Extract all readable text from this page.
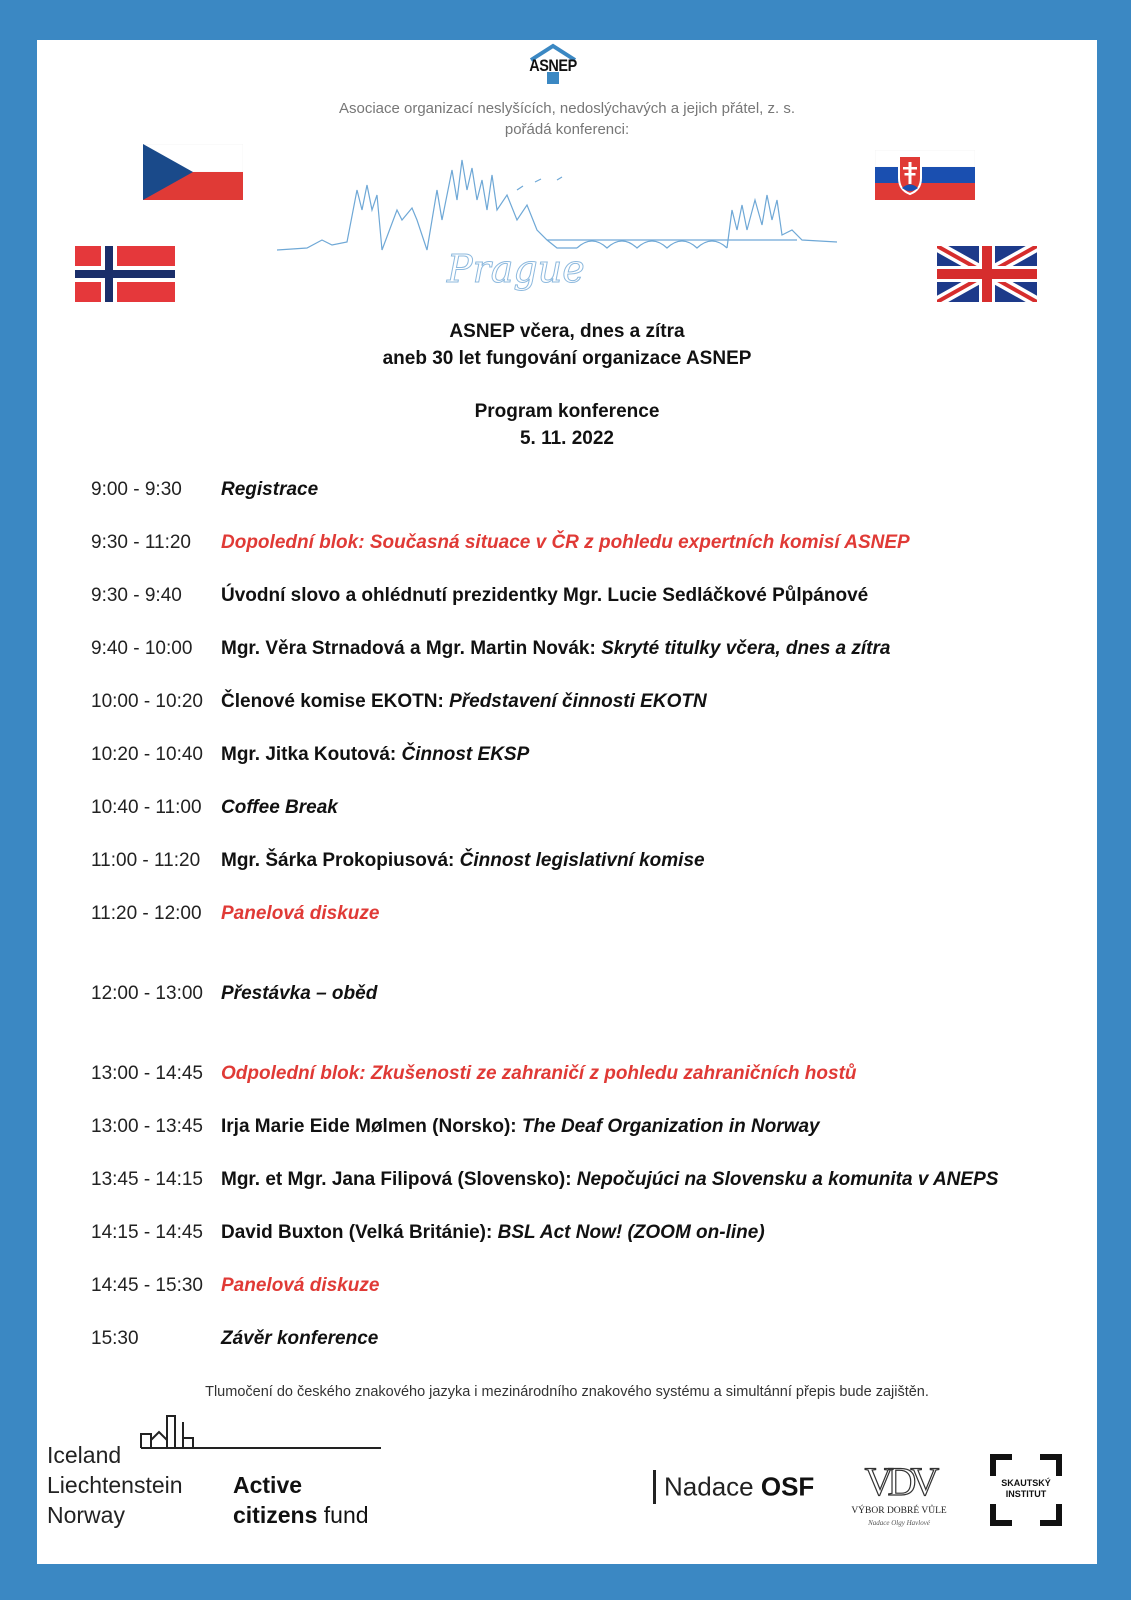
ASNEP
Asociace organizací neslyšících, nedoslýchavých a jejich přátel, z. s.
pořádá konferenci:
Prague
ASNEP včera, dnes a zítra
aneb 30 let fungování organizace ASNEP
Program konference
5. 11. 2022
9:00 - 9:30	Registrace
9:30 - 11:20	Dopolední blok: Současná situace v ČR z pohledu expertních komisí ASNEP
9:30 - 9:40	Úvodní slovo a ohlédnutí prezidentky Mgr. Lucie Sedláčkové Půlpánové
9:40 - 10:00	Mgr. Věra Strnadová a Mgr. Martin Novák: Skryté titulky včera, dnes a zítra
10:00 - 10:20 Členové komise EKOTN: Představení činnosti EKOTN
10:20 - 10:40 Mgr. Jitka Koutová: Činnost EKSP
10:40 - 11:00	Coffee Break
11:00 - 11:20	Mgr. Šárka Prokopiusová: Činnost legislativní komise
11:20 - 12:00	Panelová diskuze
12:00 - 13:00 Přestávka – oběd
13:00 - 14:45 Odpolední blok: Zkušenosti ze zahraničí z pohledu zahraničních hostů
13:00 - 13:45 Irja Marie Eide Mølmen (Norsko): The Deaf Organization in Norway
13:45 - 14:15 Mgr. et Mgr. Jana Filipová (Slovensko): Nepočujúci na Slovensku a komunita v ANEPS
14:15 - 14:45 David Buxton (Velká Británie): BSL Act Now! (ZOOM on-line)
14:45 - 15:30 Panelová diskuze
15:30	Závěr konference
Tlumočení do českého znakového jazyka i mezinárodního znakového systému a simultánní přepis bude zajištěn.
Iceland
Liechtenstein
Norway
Active
citizens fund
Nadace OSF VDV
VÝBOR DOBRÉ VŮLE
Nadace Olgy Havlové
SKAUTSKÝ
INSTITUT
